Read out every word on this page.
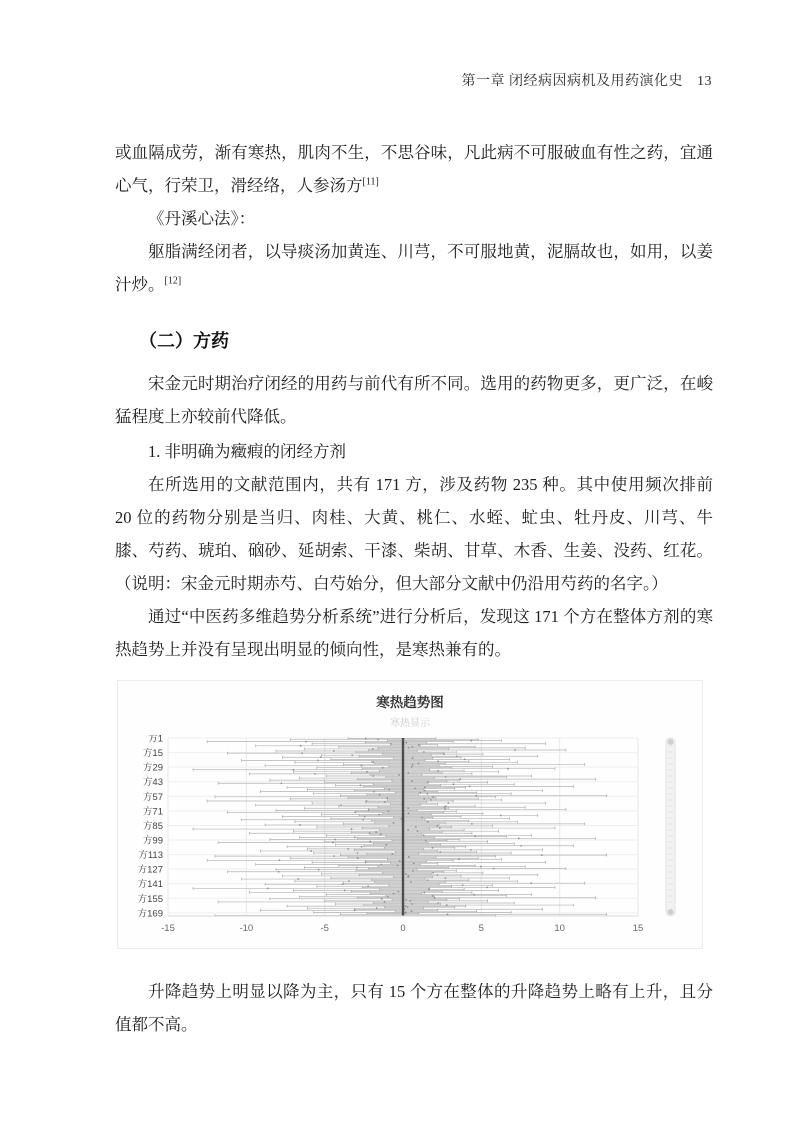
第一章 闭经病因病机及用药演化史 13

或血隔成劳，渐有寒热，肌肉不生，不思谷味，凡此病不可服破血有性之药，宜通心气，行荣卫，滑经络，人参汤方[11]

《丹溪心法》：

躯脂满经闭者，以导痰汤加黄连、川芎，不可服地黄，泥膈故也，如用，以姜汁炒。[12]

（二）方药

宋金元时期治疗闭经的用药与前代有所不同。选用的药物更多，更广泛，在峻猛程度上亦较前代降低。

1. 非明确为癥瘕的闭经方剂

在所选用的文献范围内，共有 171 方，涉及药物 235 种。其中使用频次排前 20 位的药物分别是当归、肉桂、大黄、桃仁、水蛭、虻虫、牡丹皮、川芎、牛膝、芍药、琥珀、硇砂、延胡索、干漆、柴胡、甘草、木香、生姜、没药、红花。（说明：宋金元时期赤芍、白芍始分，但大部分文献中仍沿用芍药的名字。）

通过“中医药多维趋势分析系统”进行分析后，发现这 171 个方在整体方剂的寒热趋势上并没有呈现出明显的倾向性，是寒热兼有的。

寒热趋势图
寒热显示
-15	-10	-5	0	5	10	15
方1
方15
方29
方43
方57
方71
方85
方99
方113
方127
方141
方155
方169

升降趋势上明显以降为主，只有 15 个方在整体的升降趋势上略有上升，且分值都不高。
